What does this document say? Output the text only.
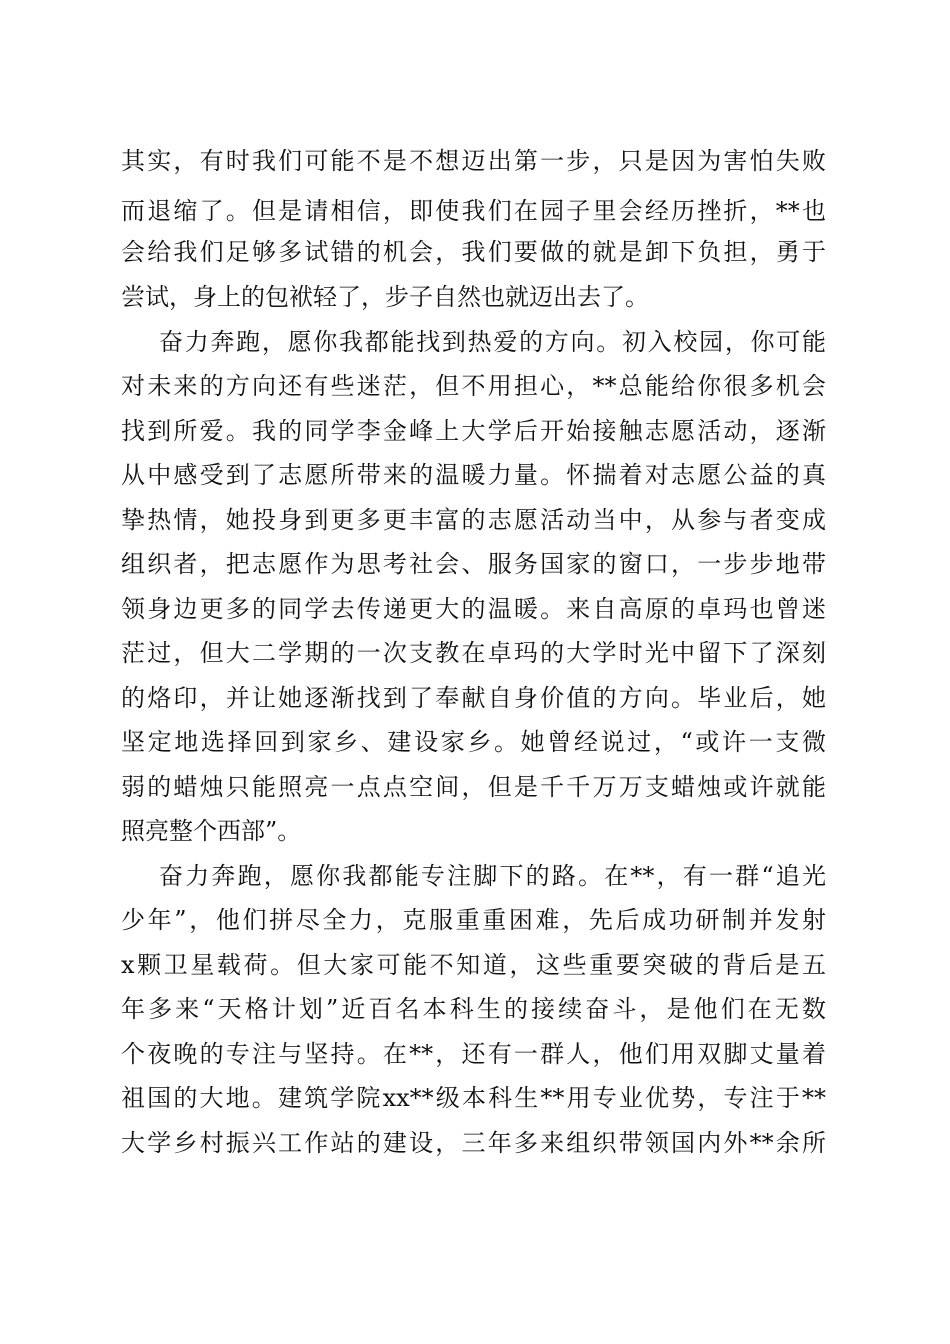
其实，有时我们可能不是不想迈出第一步，只是因为害怕失败
而退缩了。但是请相信，即使我们在园子里会经历挫折，**也
会给我们足够多试错的机会，我们要做的就是卸下负担，勇于
尝试，身上的包袱轻了，步子自然也就迈出去了。
奋力奔跑，愿你我都能找到热爱的方向。初入校园，你可能
对未来的方向还有些迷茫，但不用担心，**总能给你很多机会
找到所爱。我的同学李金峰上大学后开始接触志愿活动，逐渐
从中感受到了志愿所带来的温暖力量。怀揣着对志愿公益的真
挚热情，她投身到更多更丰富的志愿活动当中，从参与者变成
组织者，把志愿作为思考社会、服务国家的窗口，一步步地带
领身边更多的同学去传递更大的温暖。来自高原的卓玛也曾迷
茫过，但大二学期的一次支教在卓玛的大学时光中留下了深刻
的烙印，并让她逐渐找到了奉献自身价值的方向。毕业后，她
坚定地选择回到家乡、建设家乡。她曾经说过，“或许一支微
弱的蜡烛只能照亮一点点空间，但是千千万万支蜡烛或许就能
照亮整个西部”。
奋力奔跑，愿你我都能专注脚下的路。在**，有一群“追光
少年”，他们拼尽全力，克服重重困难，先后成功研制并发射
x颗卫星载荷。但大家可能不知道，这些重要突破的背后是五
年多来“天格计划”近百名本科生的接续奋斗，是他们在无数
个夜晚的专注与坚持。在**，还有一群人，他们用双脚丈量着
祖国的大地。建筑学院xx**级本科生**用专业优势，专注于**
大学乡村振兴工作站的建设，三年多来组织带领国内外**余所
